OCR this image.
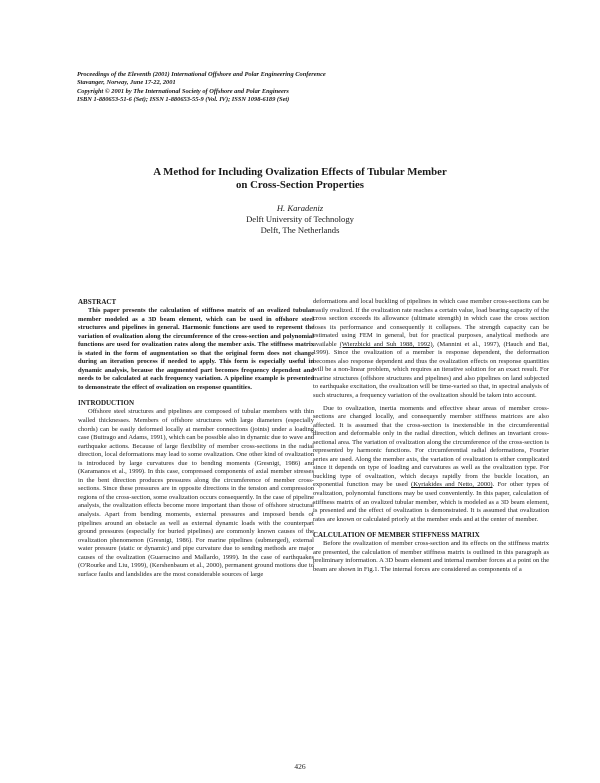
Proceedings of the Eleventh (2001) International Offshore and Polar Engineering Conference
Stavanger, Norway, June 17-22, 2001
Copyright © 2001 by The International Society of Offshore and Polar Engineers
ISBN 1-880653-51-6 (Set); ISSN 1-880653-55-9 (Vol. IV); ISSN 1098-6189 (Set)
A Method for Including Ovalization Effects of Tubular Member
on Cross-Section Properties
H. Karadeniz
Delft University of Technology
Delft, The Netherlands
ABSTRACT

This paper presents the calculation of stiffness matrix of an ovalized tubular member modeled as a 3D beam element, which can be used in offshore steel structures and pipelines in general. Harmonic functions are used to represent the variation of ovalization along the circumference of the cross-section and polynomial functions are used for ovalization rates along the member axis. The stiffness matrix is stated in the form of augmentation so that the original form does not change during an iteration process if needed to apply. This form is especially useful in dynamic analysis, because the augmented part becomes frequency dependent and needs to be calculated at each frequency variation. A pipeline example is presented to demonstrate the effect of ovalization on response quantities.

INTRODUCTION

Offshore steel structures and pipelines are composed of tubular members with thin walled thicknesses. Members of offshore structures with large diameters (especially chords) can be easily deformed locally at member connections (joints) under a loading case (Buitrago and Adams, 1991), which can be possible also in dynamic due to wave and earthquake actions. Because of large flexibility of member cross-sections in the radial direction, local deformations may lead to some ovalization. One other kind of ovalization is introduced by large curvatures due to bending moments (Gresnigt, 1986) and (Karamanos et al., 1999). In this case, compressed components of axial member stresses in the bent direction produces pressures along the circumference of member cross-sections. Since these pressures are in opposite directions in the tension and compression regions of the cross-section, some ovalization occurs consequently. In the case of pipeline analysis, the ovalization effects become more important than those of offshore structural analysis. Apart from bending moments, external pressures and imposed bends of pipelines around an obstacle as well as external dynamic loads with the counterpart ground pressures (especially for buried pipelines) are commonly known causes of the ovalization phenomenon (Gresnigt, 1986). For marine pipelines (submerged), external water pressure (static or dynamic) and pipe curvature due to sending methods are major causes of the ovalization (Guarracino and Mallardo, 1999). In the case of earthquakes (O'Rourke and Liu, 1999), (Kershenbaum et al., 2000), permanent ground motions due to surface faults and landslides are the most considerable sources of large

deformations and local buckling of pipelines in which case member cross-sections can be easily ovalized. If the ovalization rate reaches a certain value, load bearing capacity of the cross section exceeds its allowance (ultimate strength) in which case the cross section loses its performance and consequently it collapses. The strength capacity can be estimated using FEM in general, but for practical purposes, analytical methods are available (Wierzbicki and Suh 1988, 1992), (Mannini et al., 1997), (Hauch and Bai, 1999). Since the ovalization of a member is response dependent, the deformation becomes also response dependent and thus the ovalization effects on response quantities will be a non-linear problem, which requires an iterative solution for an exact result. For marine structures (offshore structures and pipelines) and also pipelines on land subjected to earthquake excitation, the ovalization will be time-varied so that, in spectral analysis of such structures, a frequency variation of the ovalization should be taken into account.

Due to ovalization, inertia moments and effective shear areas of member cross-sections are changed locally, and consequently member stiffness matrices are also affected. It is assumed that the cross-section is inextensible in the circumferential direction and deformable only in the radial direction, which defines an invariant cross-sectional area. The variation of ovalization along the circumference of the cross-section is represented by harmonic functions. For circumferential radial deformations, Fourier series are used. Along the member axis, the variation of ovalization is either complicated since it depends on type of loading and curvatures as well as the ovalization type. For buckling type of ovalization, which decays rapidly from the buckle location, an exponential function may be used (Kyriakides and Netto, 2000). For other types of ovalization, polynomial functions may be used conveniently. In this paper, calculation of stiffness matrix of an ovalized tubular member, which is modeled as a 3D beam element, is presented and the effect of ovalization is demonstrated. It is assumed that ovalization rates are known or calculated priorly at the member ends and at the center of member.

CALCULATION OF MEMBER STIFFNESS MATRIX

Before the ovalization of member cross-section and its effects on the stiffness matrix are presented, the calculation of member stiffness matrix is outlined in this paragraph as preliminary information. A 3D beam element and internal member forces at a point on the beam are shown in Fig.1. The internal forces are considered as components of a

426
